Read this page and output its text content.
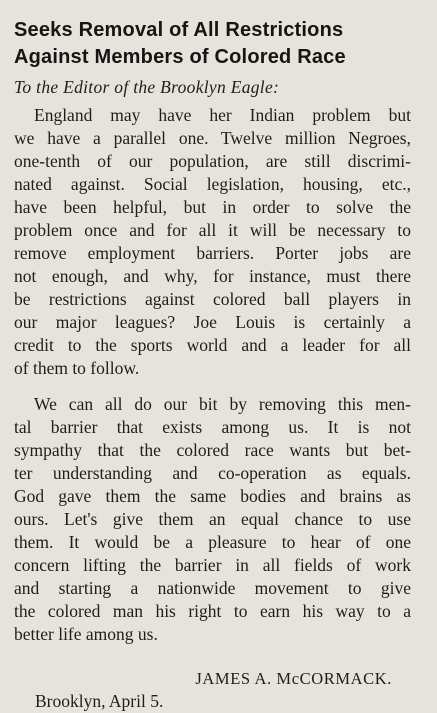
Seeks Removal of All Restrictions
Against Members of Colored Race
To the Editor of the Brooklyn Eagle:
England may have her Indian problem but
we have a parallel one. Twelve million Negroes,
one-tenth of our population, are still discrimi-
nated against. Social legislation, housing, etc.,
have been helpful, but in order to solve the
problem once and for all it will be necessary to
remove employment barriers. Porter jobs are
not enough, and why, for instance, must there
be restrictions against colored ball players in
our major leagues? Joe Louis is certainly a
credit to the sports world and a leader for all
of them to follow.
We can all do our bit by removing this men-
tal barrier that exists among us. It is not
sympathy that the colored race wants but bet-
ter understanding and co-operation as equals.
God gave them the same bodies and brains as
ours. Let's give them an equal chance to use
them. It would be a pleasure to hear of one
concern lifting the barrier in all fields of work
and starting a nationwide movement to give
the colored man his right to earn his way to a
better life among us.
JAMES A. McCORMACK.
Brooklyn, April 5.
